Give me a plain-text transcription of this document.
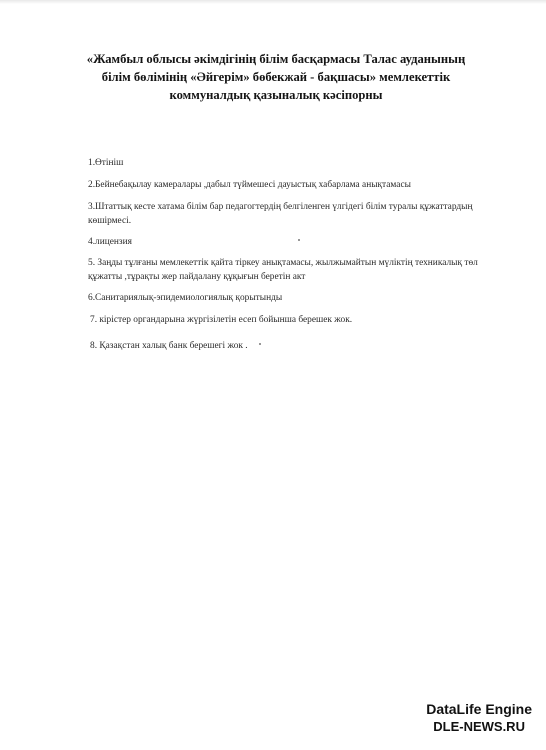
«Жамбыл облысы әкімдігінің білім басқармасы Талас ауданының білім бөлімінің «Әйгерім» бөбекжай - бақшасы» мемлекеттік коммуналдық қазыналық кәсіпорны
1.Өтініш
2.Бейнебақылау камералары ,дабыл түймешесі дауыстық хабарлама анықтамасы
3.Штаттық кесте хатама білім бар педагогтердің белгіленген үлгідегі білім туралы құжаттардың көшірмесі.
4.лицензия
5. Заңды тұлғаны мемлекеттік қайта тіркеу анықтамасы, жылжымайтын мүліктің техникалық төл құжатты ,тұрақты жер пайдалану құқығын беретін акт
6.Санитариялық-эпидемиологиялық қорытынды
7. кірістер органдарына жүргізілетін есеп бойынша берешек жок.
8. Қазақстан халық банк берешегі жок .
DataLife Engine
DLE-NEWS.RU
